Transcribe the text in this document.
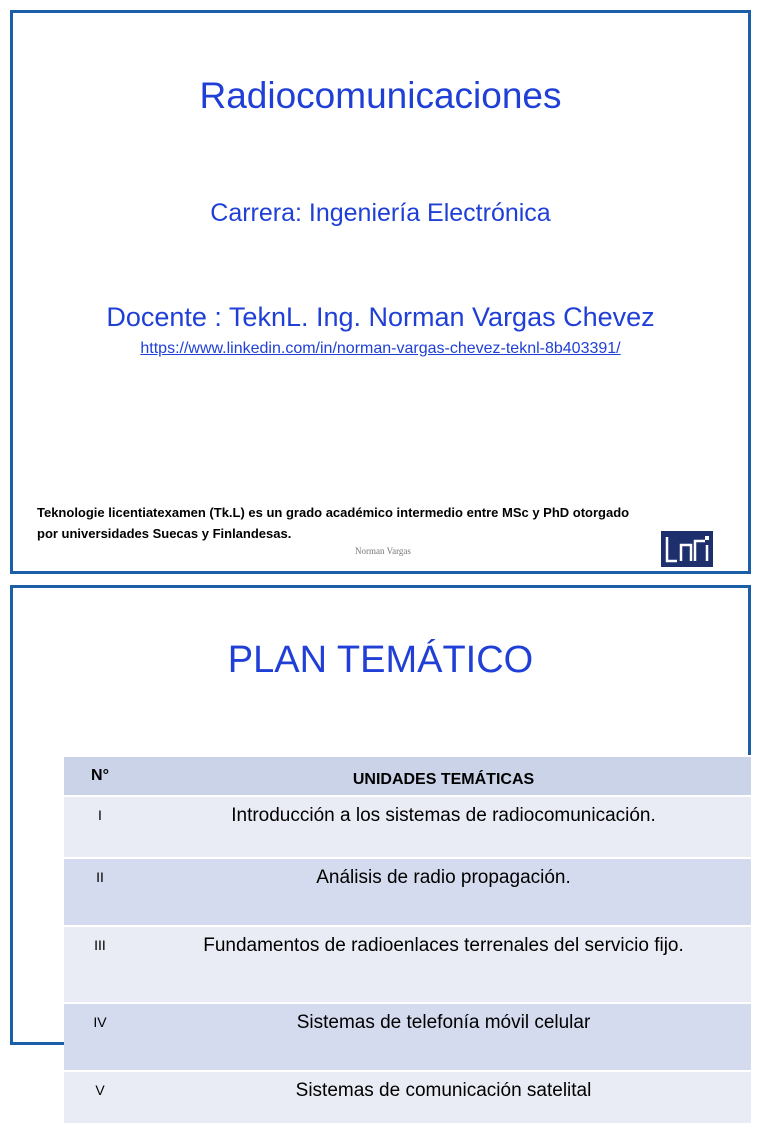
Radiocomunicaciones
Carrera: Ingeniería Electrónica
Docente : TeknL. Ing. Norman Vargas Chevez
https://www.linkedin.com/in/norman-vargas-chevez-teknl-8b403391/
Teknologie licentiatexamen (Tk.L) es un grado académico intermedio entre MSc y PhD otorgado
por universidades Suecas y Finlandesas.
Norman Vargas
PLAN TEMÁTICO
N°	UNIDADES TEMÁTICAS
I	Introducción a los sistemas de radiocomunicación.
II	Análisis de radio propagación.
III	Fundamentos de radioenlaces terrenales del servicio fijo.
IV	Sistemas de telefonía móvil celular
V	Sistemas de comunicación satelital
